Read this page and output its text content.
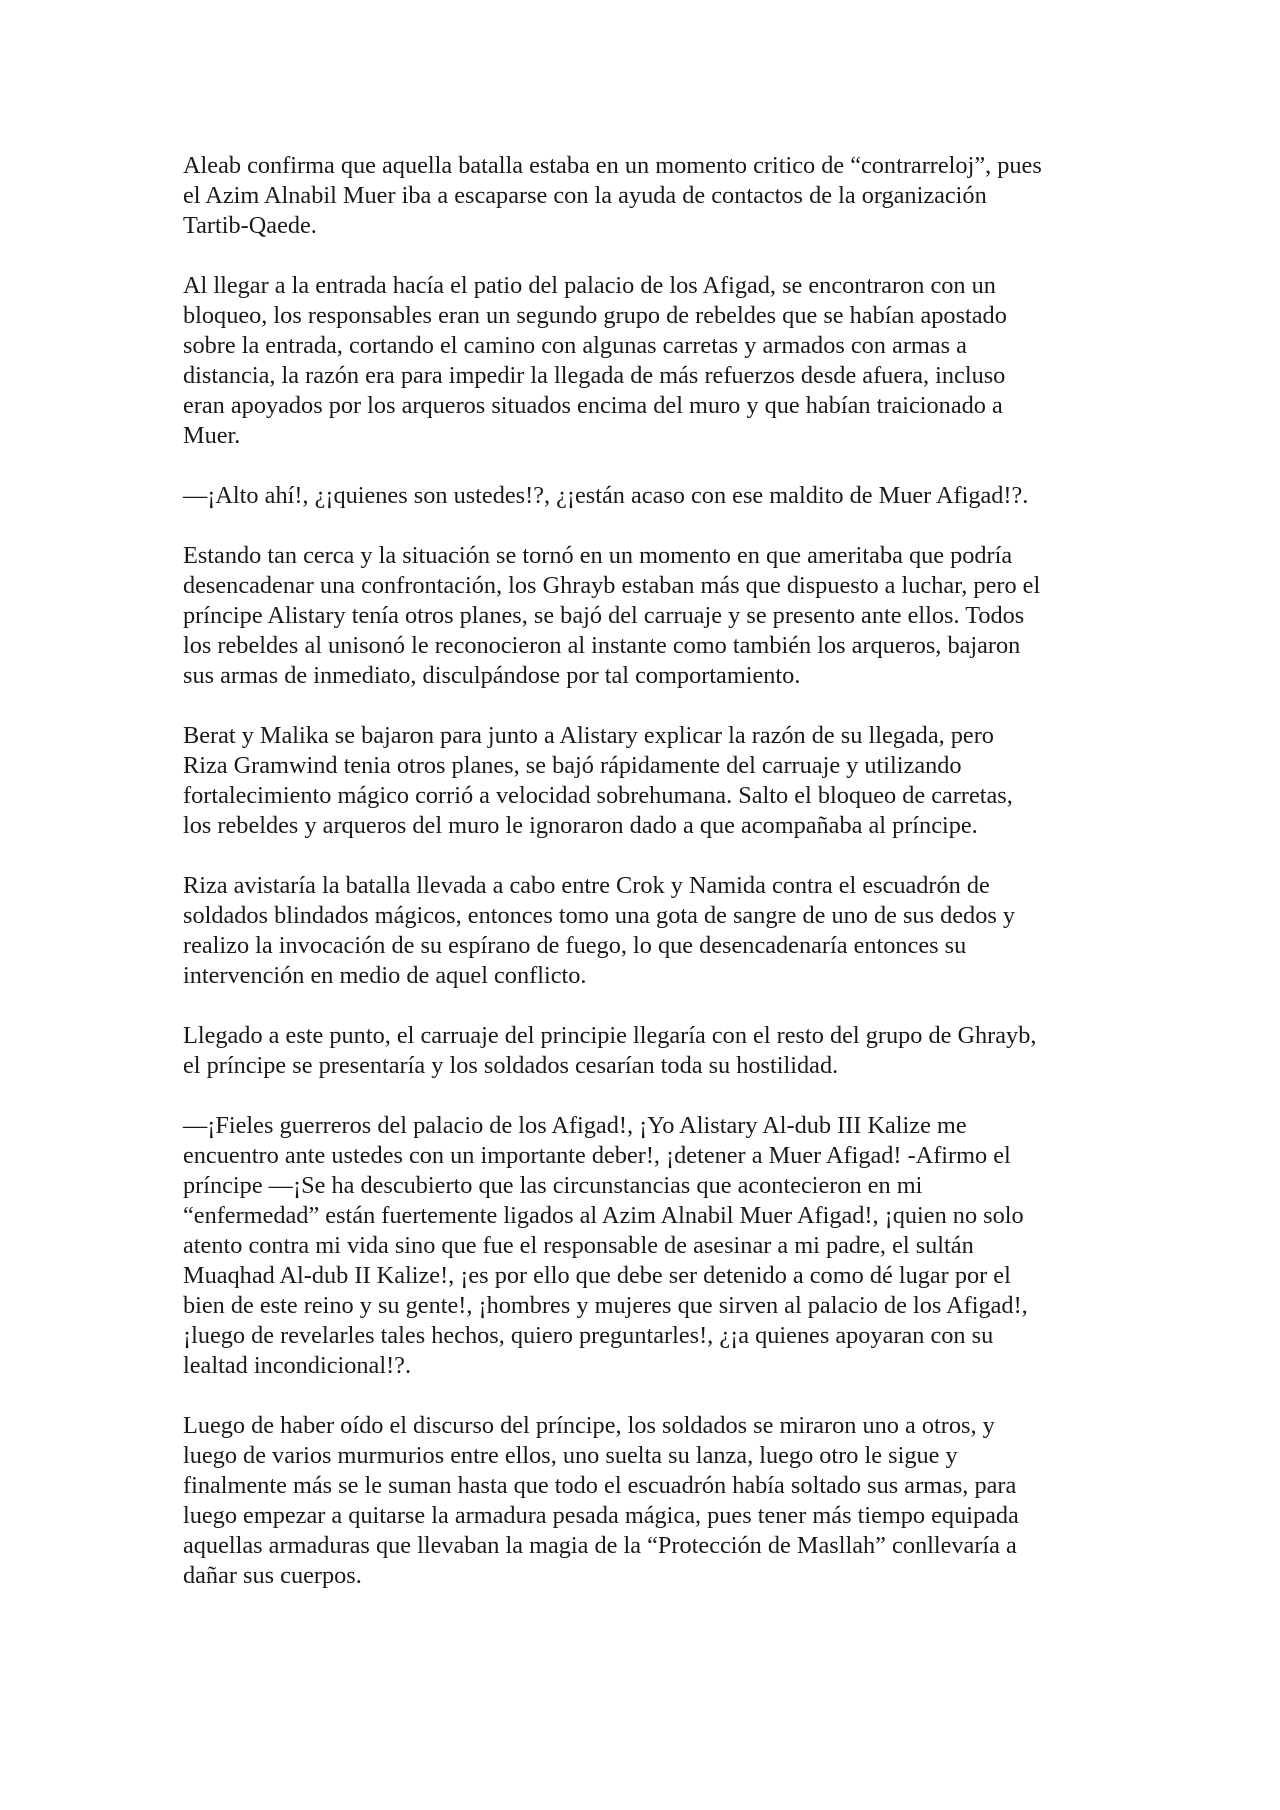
Aleab confirma que aquella batalla estaba en un momento critico de “contrarreloj”, pues
el Azim Alnabil Muer iba a escaparse con la ayuda de contactos de la organización
Tartib-Qaede.

Al llegar a la entrada hacía el patio del palacio de los Afigad, se encontraron con un
bloqueo, los responsables eran un segundo grupo de rebeldes que se habían apostado
sobre la entrada, cortando el camino con algunas carretas y armados con armas a
distancia, la razón era para impedir la llegada de más refuerzos desde afuera, incluso
eran apoyados por los arqueros situados encima del muro y que habían traicionado a
Muer.

—¡Alto ahí!, ¿¡quienes son ustedes!?, ¿¡están acaso con ese maldito de Muer Afigad!?.

Estando tan cerca y la situación se tornó en un momento en que ameritaba que podría
desencadenar una confrontación, los Ghrayb estaban más que dispuesto a luchar, pero el
príncipe Alistary tenía otros planes, se bajó del carruaje y se presento ante ellos. Todos
los rebeldes al unisonó le reconocieron al instante como también los arqueros, bajaron
sus armas de inmediato, disculpándose por tal comportamiento.

Berat y Malika se bajaron para junto a Alistary explicar la razón de su llegada, pero
Riza Gramwind tenia otros planes, se bajó rápidamente del carruaje y utilizando
fortalecimiento mágico corrió a velocidad sobrehumana. Salto el bloqueo de carretas,
los rebeldes y arqueros del muro le ignoraron dado a que acompañaba al príncipe.

Riza avistaría la batalla llevada a cabo entre Crok y Namida contra el escuadrón de
soldados blindados mágicos, entonces tomo una gota de sangre de uno de sus dedos y
realizo la invocación de su espírano de fuego, lo que desencadenaría entonces su
intervención en medio de aquel conflicto.

Llegado a este punto, el carruaje del principie llegaría con el resto del grupo de Ghrayb,
el príncipe se presentaría y los soldados cesarían toda su hostilidad.

—¡Fieles guerreros del palacio de los Afigad!, ¡Yo Alistary Al-dub III Kalize me
encuentro ante ustedes con un importante deber!, ¡detener a Muer Afigad! -Afirmo el
príncipe —¡Se ha descubierto que las circunstancias que acontecieron en mi
“enfermedad” están fuertemente ligados al Azim Alnabil Muer Afigad!, ¡quien no solo
atento contra mi vida sino que fue el responsable de asesinar a mi padre, el sultán
Muaqhad Al-dub II Kalize!, ¡es por ello que debe ser detenido a como dé lugar por el
bien de este reino y su gente!, ¡hombres y mujeres que sirven al palacio de los Afigad!,
¡luego de revelarles tales hechos, quiero preguntarles!, ¿¡a quienes apoyaran con su
lealtad incondicional!?.

Luego de haber oído el discurso del príncipe, los soldados se miraron uno a otros, y
luego de varios murmurios entre ellos, uno suelta su lanza, luego otro le sigue y
finalmente más se le suman hasta que todo el escuadrón había soltado sus armas, para
luego empezar a quitarse la armadura pesada mágica, pues tener más tiempo equipada
aquellas armaduras que llevaban la magia de la “Protección de Masllah” conllevaría a
dañar sus cuerpos.
